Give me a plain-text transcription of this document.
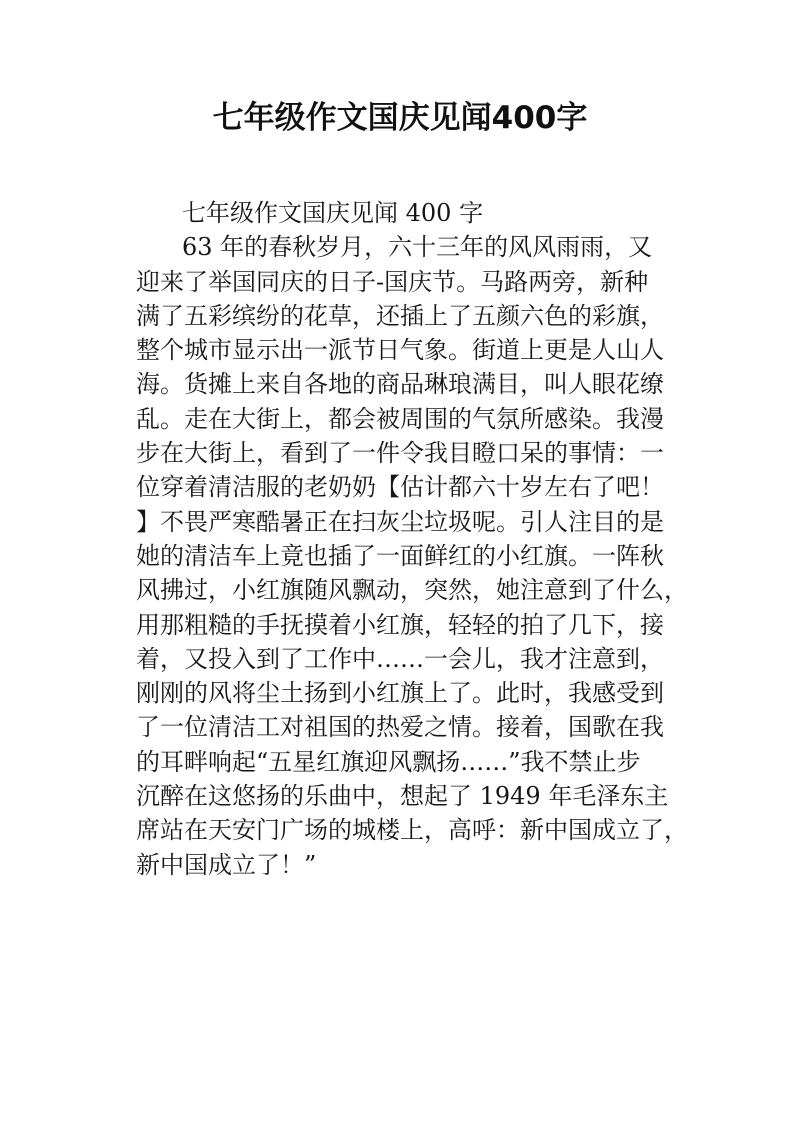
七年级作文国庆见闻400字
七年级作文国庆见闻 400 字
63 年的春秋岁月，六十三年的风风雨雨，又
迎来了举国同庆的日子-国庆节。马路两旁，新种
满了五彩缤纷的花草，还插上了五颜六色的彩旗，
整个城市显示出一派节日气象。街道上更是人山人
海。货摊上来自各地的商品琳琅满目，叫人眼花缭
乱。走在大街上，都会被周围的气氛所感染。我漫
步在大街上，看到了一件令我目瞪口呆的事情：一
位穿着清洁服的老奶奶【估计都六十岁左右了吧！
】不畏严寒酷暑正在扫灰尘垃圾呢。引人注目的是
她的清洁车上竟也插了一面鲜红的小红旗。一阵秋
风拂过，小红旗随风飘动，突然，她注意到了什么，
用那粗糙的手抚摸着小红旗，轻轻的拍了几下，接
着，又投入到了工作中……一会儿，我才注意到，
刚刚的风将尘土扬到小红旗上了。此时，我感受到
了一位清洁工对祖国的热爱之情。接着，国歌在我
的耳畔响起“五星红旗迎风飘扬……”我不禁止步
沉醉在这悠扬的乐曲中，想起了 1949 年毛泽东主
席站在天安门广场的城楼上，高呼：新中国成立了，
新中国成立了！”
